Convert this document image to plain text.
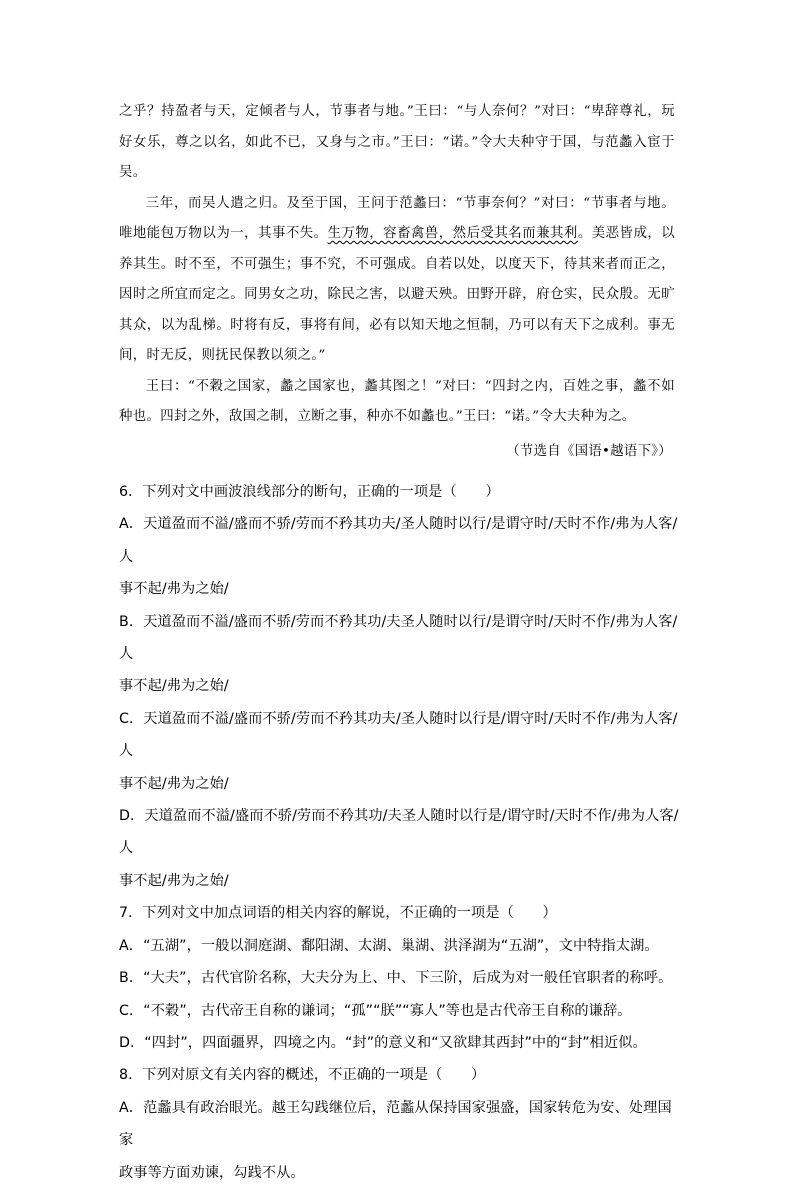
之乎？持盈者与天，定倾者与人，节事者与地。”王曰：“与人奈何？”对曰：“卑辞尊礼，玩好女乐，尊之以名，如此不已，又身与之市。”王曰：“诺。”令大夫种守于国，与范蠡入宦于吴。

三年，而吴人遣之归。及至于国，王问于范蠡曰：“节事奈何？”对曰：“节事者与地。唯地能包万物以为一，其事不失。生万物，容畜禽兽，然后受其名而兼其利。美恶皆成，以养其生。时不至，不可强生；事不究，不可强成。自若以处，以度天下，待其来者而正之，因时之所宜而定之。同男女之功，除民之害，以避天殃。田野开辟，府仓实，民众殷。无旷其众，以为乱梯。时将有反，事将有间，必有以知天地之恒制，乃可以有天下之成利。事无间，时无反，则抚民保教以须之。”

王曰：“不穀之国家，蠡之国家也，蠡其图之！”对曰：“四封之内，百姓之事，蠡不如种也。四封之外，敌国之制，立断之事，种亦不如蠡也。”王曰：“诺。”令大夫种为之。

（节选自《国语•越语下》）

6．下列对文中画波浪线部分的断句，正确的一项是（　　）

A．天道盈而不溢/盛而不骄/劳而不矜其功夫/圣人随时以行/是谓守时/天时不作/弗为人客/人

事不起/弗为之始/

B．天道盈而不溢/盛而不骄/劳而不矜其功/夫圣人随时以行/是谓守时/天时不作/弗为人客/人

事不起/弗为之始/

C．天道盈而不溢/盛而不骄/劳而不矜其功夫/圣人随时以行是/谓守时/天时不作/弗为人客/人

事不起/弗为之始/

D．天道盈而不溢/盛而不骄/劳而不矜其功/夫圣人随时以行是/谓守时/天时不作/弗为人客/人

事不起/弗为之始/

7．下列对文中加点词语的相关内容的解说，不正确的一项是（　　）

A．“五湖”，一般以洞庭湖、鄱阳湖、太湖、巢湖、洪泽湖为“五湖”，文中特指太湖。

B．“大夫”，古代官阶名称，大夫分为上、中、下三阶，后成为对一般任官职者的称呼。

C．“不穀”，古代帝王自称的谦词；“孤”“朕”“寡人”等也是古代帝王自称的谦辞。

D．“四封”，四面疆界，四境之内。“封”的意义和“又欲肆其西封”中的“封”相近似。

8．下列对原文有关内容的概述，不正确的一项是（　　）

A．范蠡具有政治眼光。越王勾践继位后，范蠡从保持国家强盛，国家转危为安、处理国家

政事等方面劝谏，勾践不从。
